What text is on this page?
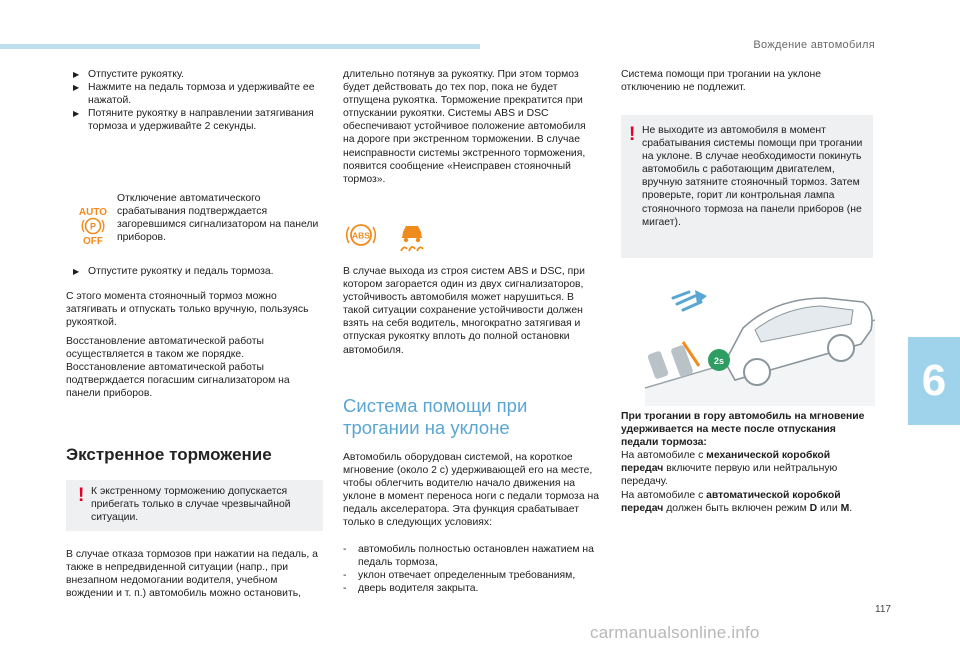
Вождение автомобиля
6

▶ Отпустите рукоятку.

▶ Нажмите на педаль тормоза и удерживайте ее нажатой.

▶ Потяните рукоятку в направлении затягивания тормоза и удерживайте 2 секунды.

AUTO
P
OFF

Отключение автоматического срабатывания подтверждается загоревшимся сигнализатором на панели приборов.

▶ Отпустите рукоятку и педаль тормоза.

С этого момента стояночный тормоз можно затягивать и отпускать только вручную, пользуясь рукояткой.

Восстановление автоматической работы осуществляется в таком же порядке. Восстановление автоматической работы подтверждается погасшим сигнализатором на панели приборов.

Экстренное торможение
! К экстренному торможению допускается прибегать только в случае чрезвычайной ситуации.

В случае отказа тормозов при нажатии на педаль, а также в непредвиденной ситуации (напр., при внезапном недомогании водителя, учебном вождении и т. п.) автомобиль можно остановить,

длительно потянув за рукоятку. При этом тормоз будет действовать до тех пор, пока не будет отпущена рукоятка. Торможение прекратится при отпускании рукоятки. Системы ABS и DSC обеспечивают устойчивое положение автомобиля на дороге при экстренном торможении. В случае неисправности системы экстренного торможения, появится сообщение «Неисправен стояночный тормоз».

ABS

В случае выхода из строя систем ABS и DSC, при котором загорается один из двух сигнализаторов, устойчивость автомобиля может нарушиться. В такой ситуации сохранение устойчивости должен взять на себя водитель, многократно затягивая и отпуская рукоятку вплоть до полной остановки автомобиля.

Система помощи при
трогании на уклоне

Автомобиль оборудован системой, на короткое мгновение (около 2 с) удерживающей его на месте, чтобы облегчить водителю начало движения на уклоне в момент переноса ноги с педали тормоза на педаль акселератора. Эта функция срабатывает только в следующих условиях:

- автомобиль полностью остановлен нажатием на педаль тормоза,

- уклон отвечает определенным требованиям,

- дверь водителя закрыта.

Система помощи при трогании на уклоне отключению не подлежит.

! Не выходите из автомобиля в момент срабатывания системы помощи при трогании на уклоне. В случае необходимости покинуть автомобиль с работающим двигателем, вручную затяните стояночный тормоз. Затем проверьте, горит ли контрольная лампа стояночного тормоза на панели приборов (не мигает).

2s

При трогании в гору автомобиль на мгновение удерживается на месте после отпускания педали тормоза:
На автомобиле с механической коробкой передач включите первую или нейтральную передачу.
На автомобиле с автоматической коробкой передач должен быть включен режим D или M.

117
carmanualsonline.info
